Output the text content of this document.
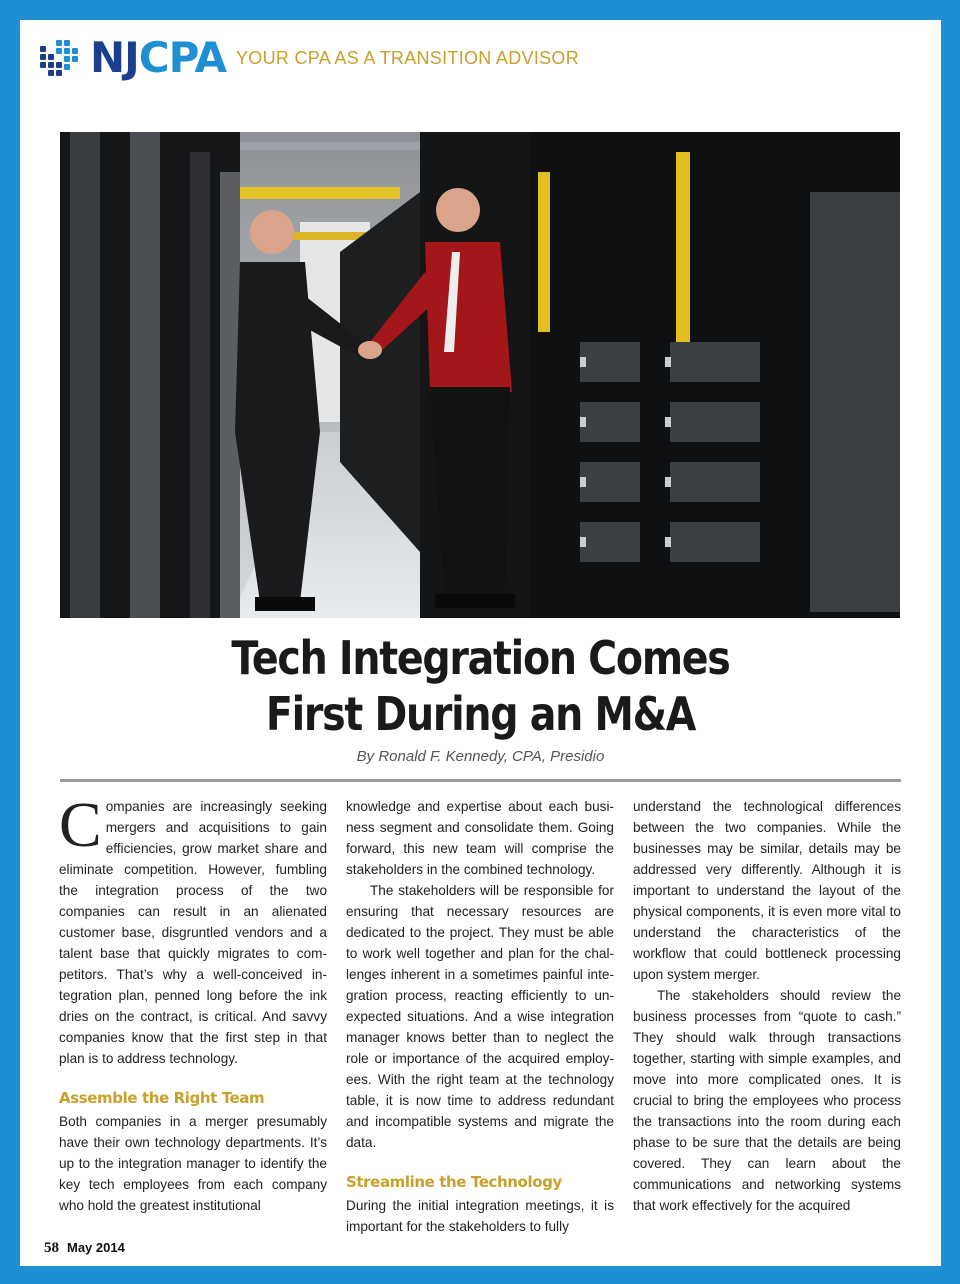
NJCPA YOUR CPA AS A TRANSITION ADVISOR
Tech Integration Comes
First During an M&A
By Ronald F. Kennedy, CPA, Presidio

Companies are increasingly seeking mergers and acquisitions to gain efficiencies, grow market share and eliminate competition. However, fumbling the integration process of the two companies can result in an alienated customer base, disgruntled vendors and a talent base that quickly migrates to competitors. That’s why a well-conceived integration plan, penned long before the ink dries on the contract, is critical. And savvy companies know that the first step in that plan is to address technology.

Assemble the Right Team

Both companies in a merger presumably have their own technology departments. It’s up to the integration manager to identify the key tech employees from each company who hold the greatest institutional

knowledge and expertise about each business segment and consolidate them. Going forward, this new team will comprise the stakeholders in the combined technology.

The stakeholders will be responsible for ensuring that necessary resources are dedicated to the project. They must be able to work well together and plan for the challenges inherent in a sometimes painful integration process, reacting efficiently to unexpected situations. And a wise integration manager knows better than to neglect the role or importance of the acquired employees. With the right team at the technology table, it is now time to address redundant and incompatible systems and migrate the data.

Streamline the Technology

During the initial integration meetings, it is important for the stakeholders to fully

understand the technological differences between the two companies. While the businesses may be similar, details may be addressed very differently. Although it is important to understand the layout of the physical components, it is even more vital to understand the characteristics of the workflow that could bottleneck processing upon system merger.

The stakeholders should review the business processes from “quote to cash.” They should walk through transactions together, starting with simple examples, and move into more complicated ones. It is crucial to bring the employees who process the transactions into the room during each phase to be sure that the details are being covered. They can learn about the communications and networking systems that work effectively for the acquired

58 May 2014
